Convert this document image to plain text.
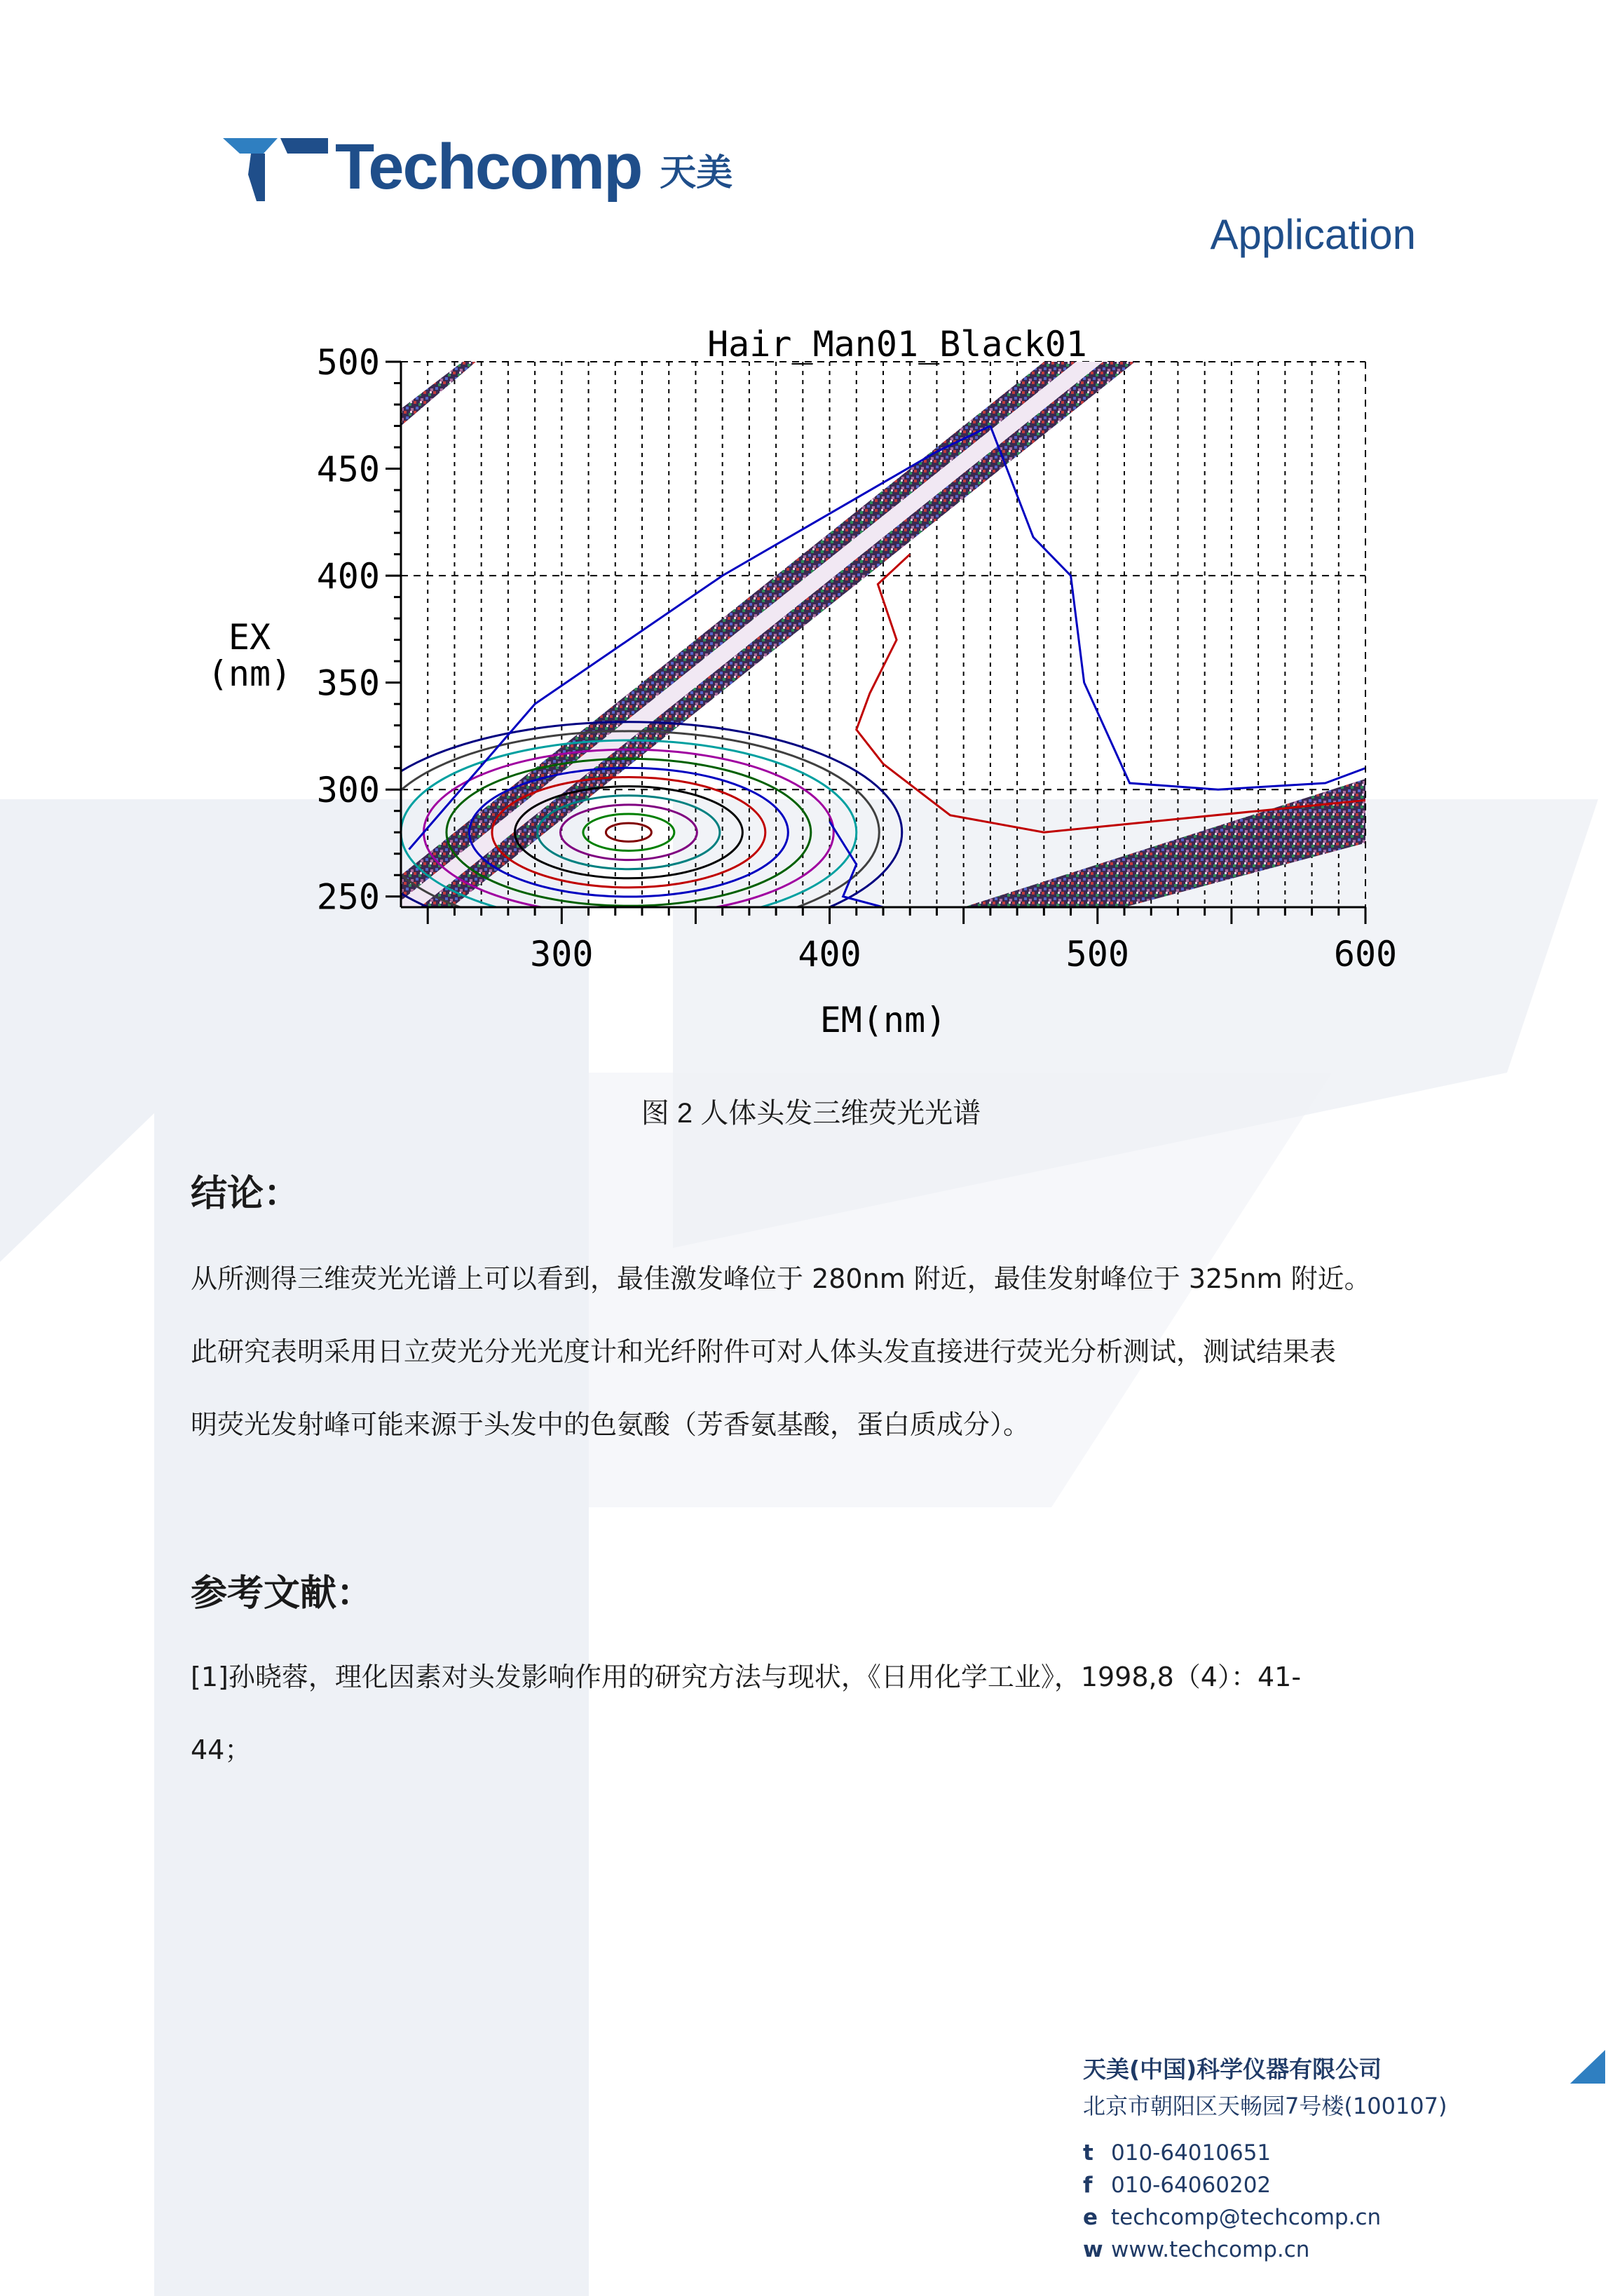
Techcomp 天美
Application
250
300
350
400
450
500
300	400	500	600
Hair_Man01_Black01
EM(nm)
EX
(nm)
图 2 人体头发三维荧光光谱
结论：

从所测得三维荧光光谱上可以看到，最佳激发峰位于 280nm 附近，最佳发射峰位于 325nm 附近。

此研究表明采用日立荧光分光光度计和光纤附件可对人体头发直接进行荧光分析测试，测试结果表

明荧光发射峰可能来源于头发中的色氨酸（芳香氨基酸，蛋白质成分）。

参考文献：

[1]孙晓蓉，理化因素对头发影响作用的研究方法与现状，《日用化学工业》，1998,8（4）：41-

44；

天美(中国)科学仪器有限公司
北京市朝阳区天畅园7号楼(100107)
t 010-64010651
f 010-64060202
e techcomp@techcomp.cn
w www.techcomp.cn
